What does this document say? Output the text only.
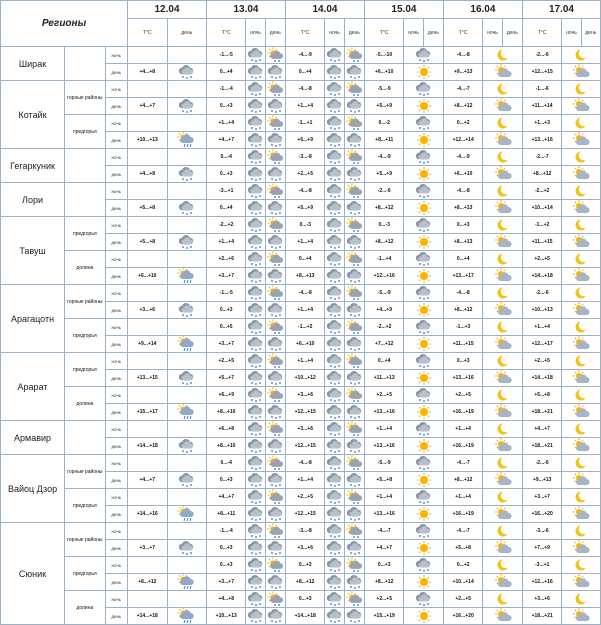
Регионы			12.04		13.04			14.04			15.04			16.04			17.04		
			T°C	день	T°C	ночь	день	T°C	ночь	день	T°C	ночь	день	T°C	ночь	день	T°C	ночь	день
Ширак		ночь			-1...-5			-4...-9			-5...-10			-4...-8			-2...-6	

		день	+4...+8		0...+4			0...+4			+6...+10			+9...+13			+12...+15	

Котайк	горные районы	ночь			-1...-4			-4...-8			-5...-9			-4...-7			-1...-6	

		день	+4...+7		0...+3			+1...+4			+5...+9			+8...+12			+11...+14	

	предгорья	ночь			+1...+4			-1...+1			0...-2			0...+2			+1...+3	

		день	+10...+13		+4...+7			+6...+9			+8...+11			+12...+14			+13...+16	

Гегаркуник		ночь			0...-4			-3...-8			-4...-9			-4...-9			-2...-7	

		день	+4...+8		0...+3			+2...+5			+5...+9			+6...+10			+8...+12	

Лори		ночь			-3...+1			-4...-8			-2...-6			-4...-8			-2...+2	

		день	+5...+8		0...+4			+5...+9			+8...+12			+8...+13			+10...+14	

Тавуш	предгорья	ночь			-2...+2			0...-3			0...-3			0...+3			-1...+2	

		день	+5...+8		+1...+4			+1...+4			+8...+12			+8...+13			+11...+15	

	долина	ночь			+2...+6			0...+4			-1...+4			0...+4			+2...+5	

		день	+6...+10		+3...+7			+8...+13			+12...+16			+13...+17			+14...+18	

Арагацотн	горные районы	ночь			-1...-5			-4...-8			-5...-9			-4...-8			-2...-6	

		день	+3...+6		0...+3			+1...+4			+4...+9			+8...+12			+10...+13	

	предгорья	ночь			0...+5			-1...+2			-2...+2			-1...+3			+1...+4	

		день	+9...+14		+3...+7			+6...+10			+7...+12			+11...+15			+12...+17	

Арарат	предгорья	ночь			+2...+5			+1...+4			0...+4			0...+3			+2...+5	

		день	+13...+15		+5...+7			+10...+12			+11...+13			+13...+16			+14...+18	

	долина	ночь			+6...+9			+3...+6			+2...+5			+2...+5			+5...+8	

		день	+15...+17		+8...+10			+12...+15			+13...+16			+16...+19			+18...+21	

Армавир		ночь			+6...+8			+3...+6			+1...+4			+1...+4			+4...+7	

		день	+14...+18		+8...+10			+12...+15			+13...+16			+16...+19			+18...+21	

Вайоц Дзор	горные районы	ночь			0...-4			-4...-8			-5...-9			-4...-7			-2...-6	

		день	+4...+7		0...+3			+1...+4			+5...+8			+8...+12			+9...+13	

	предгорья	ночь			+4...+7			+2...+5			+1...+4			+1...+4			+3...+7	

		день	+14...+16		+8...+11			+12...+15			+13...+16			+16...+19			+16...+20	

Сюник	горные районы	ночь			-1...-4			-3...-8			-4...-7			-4...-7			-3...-6	

		день	+3...+7		0...+3			+3...+6			+4...+7			+5...+8			+7...+9	

	предгорья	ночь			0...+3			0...+3			0...+3			0...+2			-3...+1	

		день	+8...+12		+3...+7			+8...+12			+8...+12			+10...+14			+12...+16	

	долина	ночь			+4...+8			0...+3			+2...+5			+2...+5			+3...+6	

		день	+14...+18		+10...+13			+14...+18			+15...+19			+16...+20			+18...+21	
